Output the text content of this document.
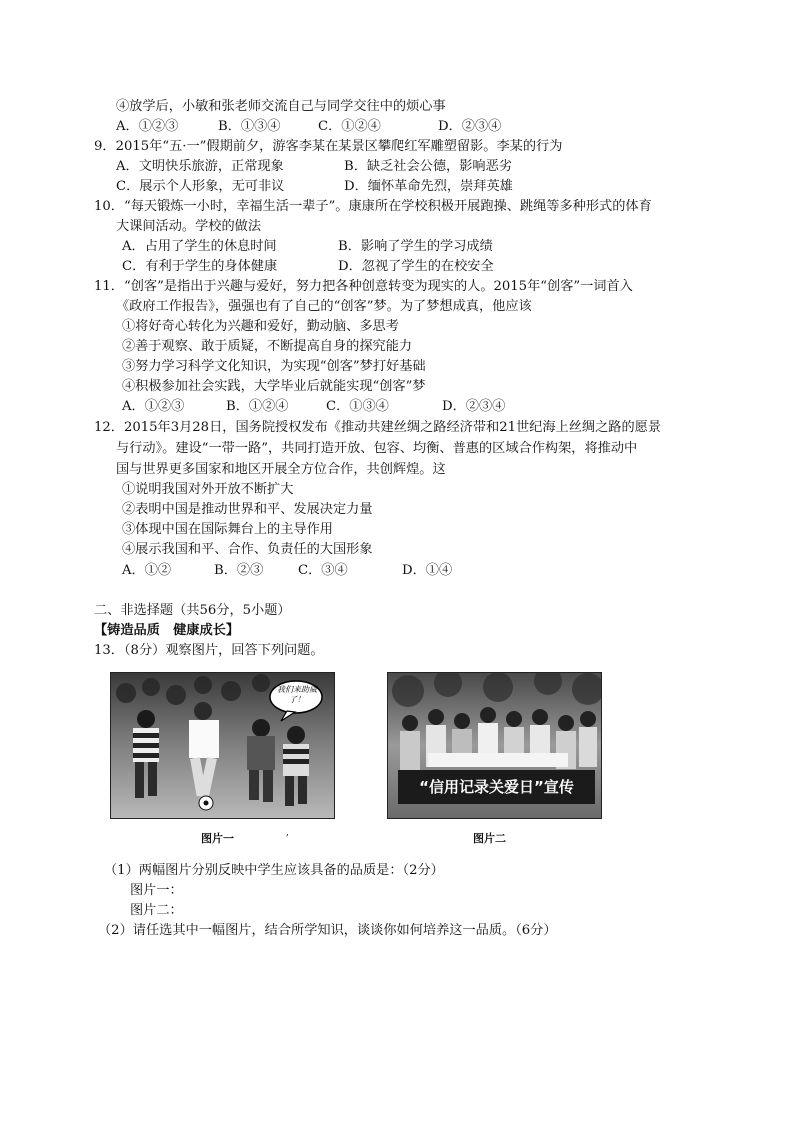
④放学后，小敏和张老师交流自己与同学交往中的烦心事
A．①②③	B．①③④	C．①②④	D．②③④
9．2015年“五·一”假期前夕，游客李某在某景区攀爬红军雕塑留影。李某的行为
A．文明快乐旅游，正常现象	B．缺乏社会公德，影响恶劣
C．展示个人形象，无可非议	D．缅怀革命先烈，崇拜英雄
10．“每天锻炼一小时，幸福生活一辈子”。康康所在学校积极开展跑操、跳绳等多种形式的体育
大课间活动。学校的做法
A．占用了学生的休息时间	B．影响了学生的学习成绩
C．有利于学生的身体健康	D．忽视了学生的在校安全
11．“创客”是指出于兴趣与爱好，努力把各种创意转变为现实的人。2015年“创客”一词首入
《政府工作报告》，强强也有了自己的“创客”梦。为了梦想成真，他应该
①将好奇心转化为兴趣和爱好，勤动脑、多思考
②善于观察、敢于质疑，不断提高自身的探究能力
③努力学习科学文化知识，为实现“创客”梦打好基础
④积极参加社会实践，大学毕业后就能实现“创客”梦
A．①②③	B．①②④	C．①③④	D．②③④
12．2015年3月28日，国务院授权发布《推动共建丝绸之路经济带和21世纪海上丝绸之路的愿景
与行动》。建设“一带一路”，共同打造开放、包容、均衡、普惠的区域合作构架，将推动中
国与世界更多国家和地区开展全方位合作，共创辉煌。这
①说明我国对外开放不断扩大
②表明中国是推动世界和平、发展决定力量
③体现中国在国际舞台上的主导作用
④展示我国和平、合作、负责任的大国形象
A．①②	B．②③	C．③④	D．①④
二、非选择题（共56分，5小题）
【铸造品质　健康成长】
13．（8分）观察图片，回答下列问题。
我们来助威了！
图片一	,
“信用记录关爱日”宣传
图片二
（1）两幅图片分别反映中学生应该具备的品质是：（2分）
图片一：
图片二：
（2）请任选其中一幅图片，结合所学知识，谈谈你如何培养这一品质。（6分）
